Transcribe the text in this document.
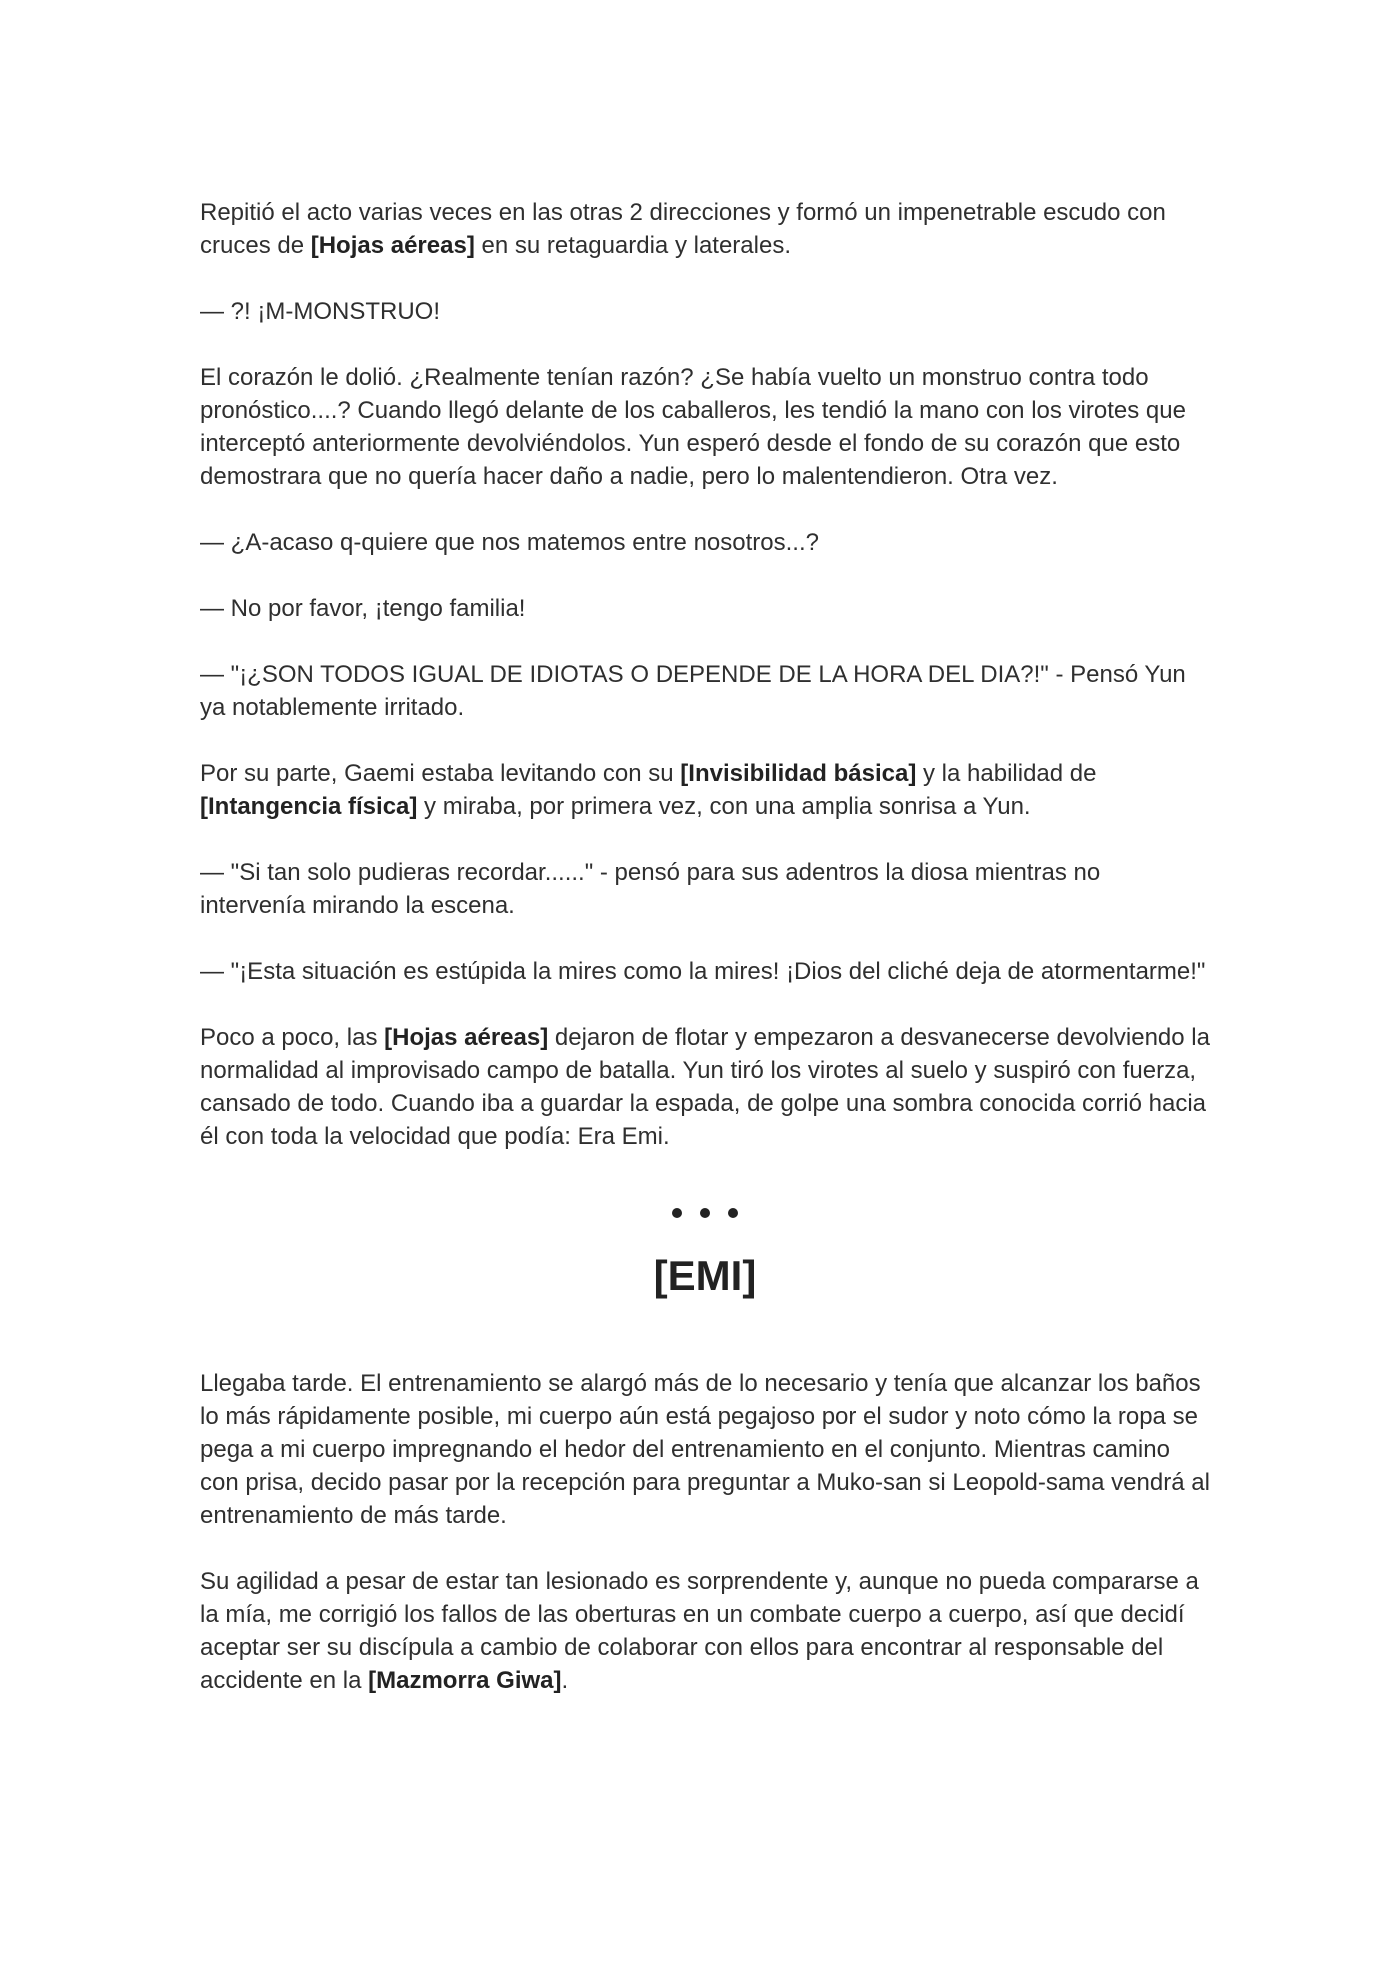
Repitió el acto varias veces en las otras 2 direcciones y formó un impenetrable escudo con cruces de [Hojas aéreas] en su retaguardia y laterales.

— ?! ¡M-MONSTRUO!

El corazón le dolió. ¿Realmente tenían razón? ¿Se había vuelto un monstruo contra todo pronóstico....? Cuando llegó delante de los caballeros, les tendió la mano con los virotes que interceptó anteriormente devolviéndolos. Yun esperó desde el fondo de su corazón que esto demostrara que no quería hacer daño a nadie, pero lo malentendieron. Otra vez.

— ¿A-acaso q-quiere que nos matemos entre nosotros...?

— No por favor, ¡tengo familia!

— "¡¿SON TODOS IGUAL DE IDIOTAS O DEPENDE DE LA HORA DEL DIA?!" - Pensó Yun ya notablemente irritado.

Por su parte, Gaemi estaba levitando con su [Invisibilidad básica] y la habilidad de [Intangencia física] y miraba, por primera vez, con una amplia sonrisa a Yun.

— "Si tan solo pudieras recordar......" - pensó para sus adentros la diosa mientras no intervenía mirando la escena.

— "¡Esta situación es estúpida la mires como la mires! ¡Dios del cliché deja de atormentarme!"

Poco a poco, las [Hojas aéreas] dejaron de flotar y empezaron a desvanecerse devolviendo la normalidad al improvisado campo de batalla. Yun tiró los virotes al suelo y suspiró con fuerza, cansado de todo. Cuando iba a guardar la espada, de golpe una sombra conocida corrió hacia él con toda la velocidad que podía: Era Emi.

[EMI]

Llegaba tarde. El entrenamiento se alargó más de lo necesario y tenía que alcanzar los baños lo más rápidamente posible, mi cuerpo aún está pegajoso por el sudor y noto cómo la ropa se pega a mi cuerpo impregnando el hedor del entrenamiento en el conjunto. Mientras camino con prisa, decido pasar por la recepción para preguntar a Muko-san si Leopold-sama vendrá al entrenamiento de más tarde.

Su agilidad a pesar de estar tan lesionado es sorprendente y, aunque no pueda compararse a la mía, me corrigió los fallos de las oberturas en un combate cuerpo a cuerpo, así que decidí aceptar ser su discípula a cambio de colaborar con ellos para encontrar al responsable del accidente en la [Mazmorra Giwa].
